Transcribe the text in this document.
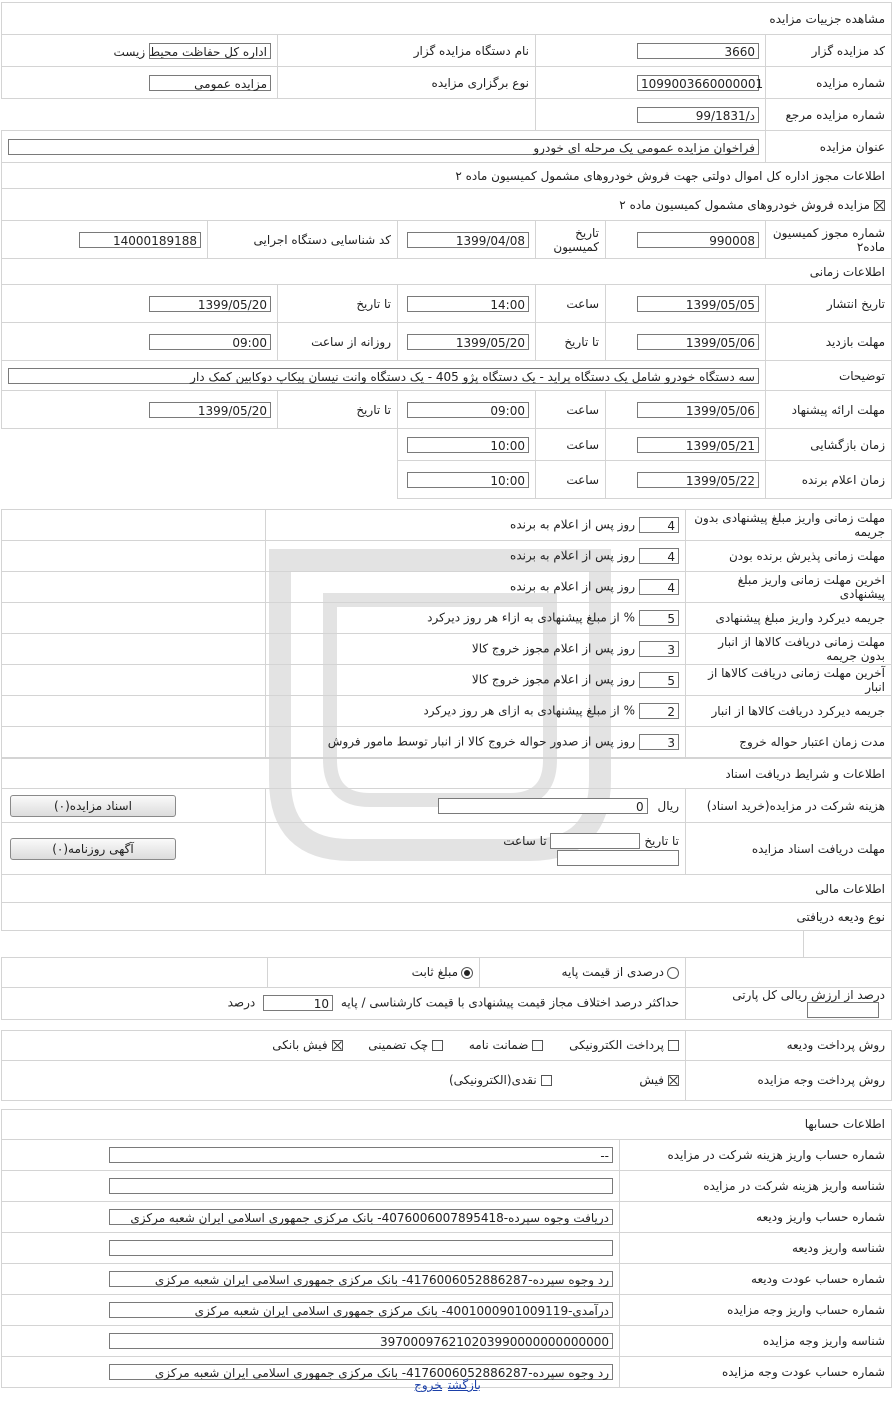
مشاهده جزییات مزایده						
کد مزایده گزار	3660		نام دستگاه مزایده گزار		اداره کل حفاظت محیط زیست	

شماره مزایده	1099003660000001		نوع برگزاری مزایده		مزایده عمومی	

شماره مزایده مرجع	د/99/1831					

عنوان مزایده	فراخوان مزایده عمومی یک مرحله ای خودرو					

اطلاعات مجوز اداره کل اموال دولتی جهت فروش خودروهای مشمول کمیسیون ماده ۲						
مزایده فروش خودروهای مشمول کمیسیون ماده ۲						
شماره مجوز کمیسیون ماده۲	990008	تاریخ کمیسیون	1399/04/08	کد شناسایی دستگاه اجرایی		14000189188

اطلاعات زمانی						
تاریخ انتشار	1399/05/05	ساعت	14:00	تا تاریخ	1399/05/20	

مهلت بازدید	1399/05/06	تا تاریخ	1399/05/20	روزانه از ساعت	09:00	

توضیحات	سه دستگاه خودرو شامل یک دستگاه پراید - یک دستگاه پژو 405 - یک دستگاه وانت نیسان پیکاپ دوکابین کمک دار					

مهلت ارائه پیشنهاد	1399/05/06	ساعت	09:00	تا تاریخ	1399/05/20	

زمان بازگشایی	1399/05/21	ساعت	10:00			

زمان اعلام برنده	1399/05/22	ساعت	10:00			

مهلت زمانی واریز مبلغ پیشنهادی بدون جریمه	4روز پس از اعلام به برنده	
مهلت زمانی پذیرش برنده بودن	4روز پس از اعلام به برنده	
اخرین مهلت زمانی واریز مبلغ پیشنهادی	4روز پس از اعلام به برنده	
جریمه دیرکرد واریز مبلغ پیشنهادی	5% از مبلغ پیشنهادی به ازاء هر روز دیرکرد	
مهلت زمانی دریافت کالاها از انبار بدون جریمه	3روز پس از اعلام مجوز خروج کالا	
آخرین مهلت زمانی دریافت کالاها از انبار	5روز پس از اعلام مجوز خروج کالا	
جریمه دیرکرد دریافت کالاها از انبار	2% از مبلغ پیشنهادی به ازای هر روز دیرکرد	
مدت زمان اعتبار حواله خروج	3روز پس از صدور حواله خروج کالا از انبار توسط مامور فروش	
اطلاعات و شرایط دریافت اسناد		
هزینه شرکت در مزایده(خرید اسناد)	ریال 0	اسناد مزایده(۰)

مهلت دریافت اسناد مزایده	تا تاریخ  تا ساعت	آگهی روزنامه(۰)

اطلاعات مالی		
نوع ودیعه دریافتی		

		درصدی از قیمت پایه	مبلغ ثابت	
درصد از ارزش ریالی کل پارتی		حداکثر درصد اختلاف مجاز قیمت پیشنهادی با قیمت کارشناسی / پایه 10 درصد		
روش پرداخت ودیعه	پرداخت الکترونیکی  ضمانت نامه  چک تضمینی  فیش بانکی
روش پرداخت وجه مزایده	فیش  نقدی(الکترونیکی)
اطلاعات حسابها	
شماره حساب واریز هزینه شرکت در مزایده	--

شناسه واریز هزینه شرکت در مزایده	

شماره حساب واریز ودیعه	دریافت وجوه سپرده-4076006007895418- بانک مرکزی جمهوری اسلامی ایران شعبه مرکزی

شناسه واریز ودیعه	

شماره حساب عودت ودیعه	رد وجوه سپرده-4176006052886287- بانک مرکزی جمهوری اسلامی ایران شعبه مرکزی

شماره حساب واریز وجه مزایده	درآمدی-4001000901009119- بانک مرکزی جمهوری اسلامی ایران شعبه مرکزی

شناسه واریز وجه مزایده	397000976210203990000000000000

شماره حساب عودت وجه مزایده	رد وجوه سپرده-4176006052886287- بانک مرکزی جمهوری اسلامی ایران شعبه مرکزی
بازگشتخروج
